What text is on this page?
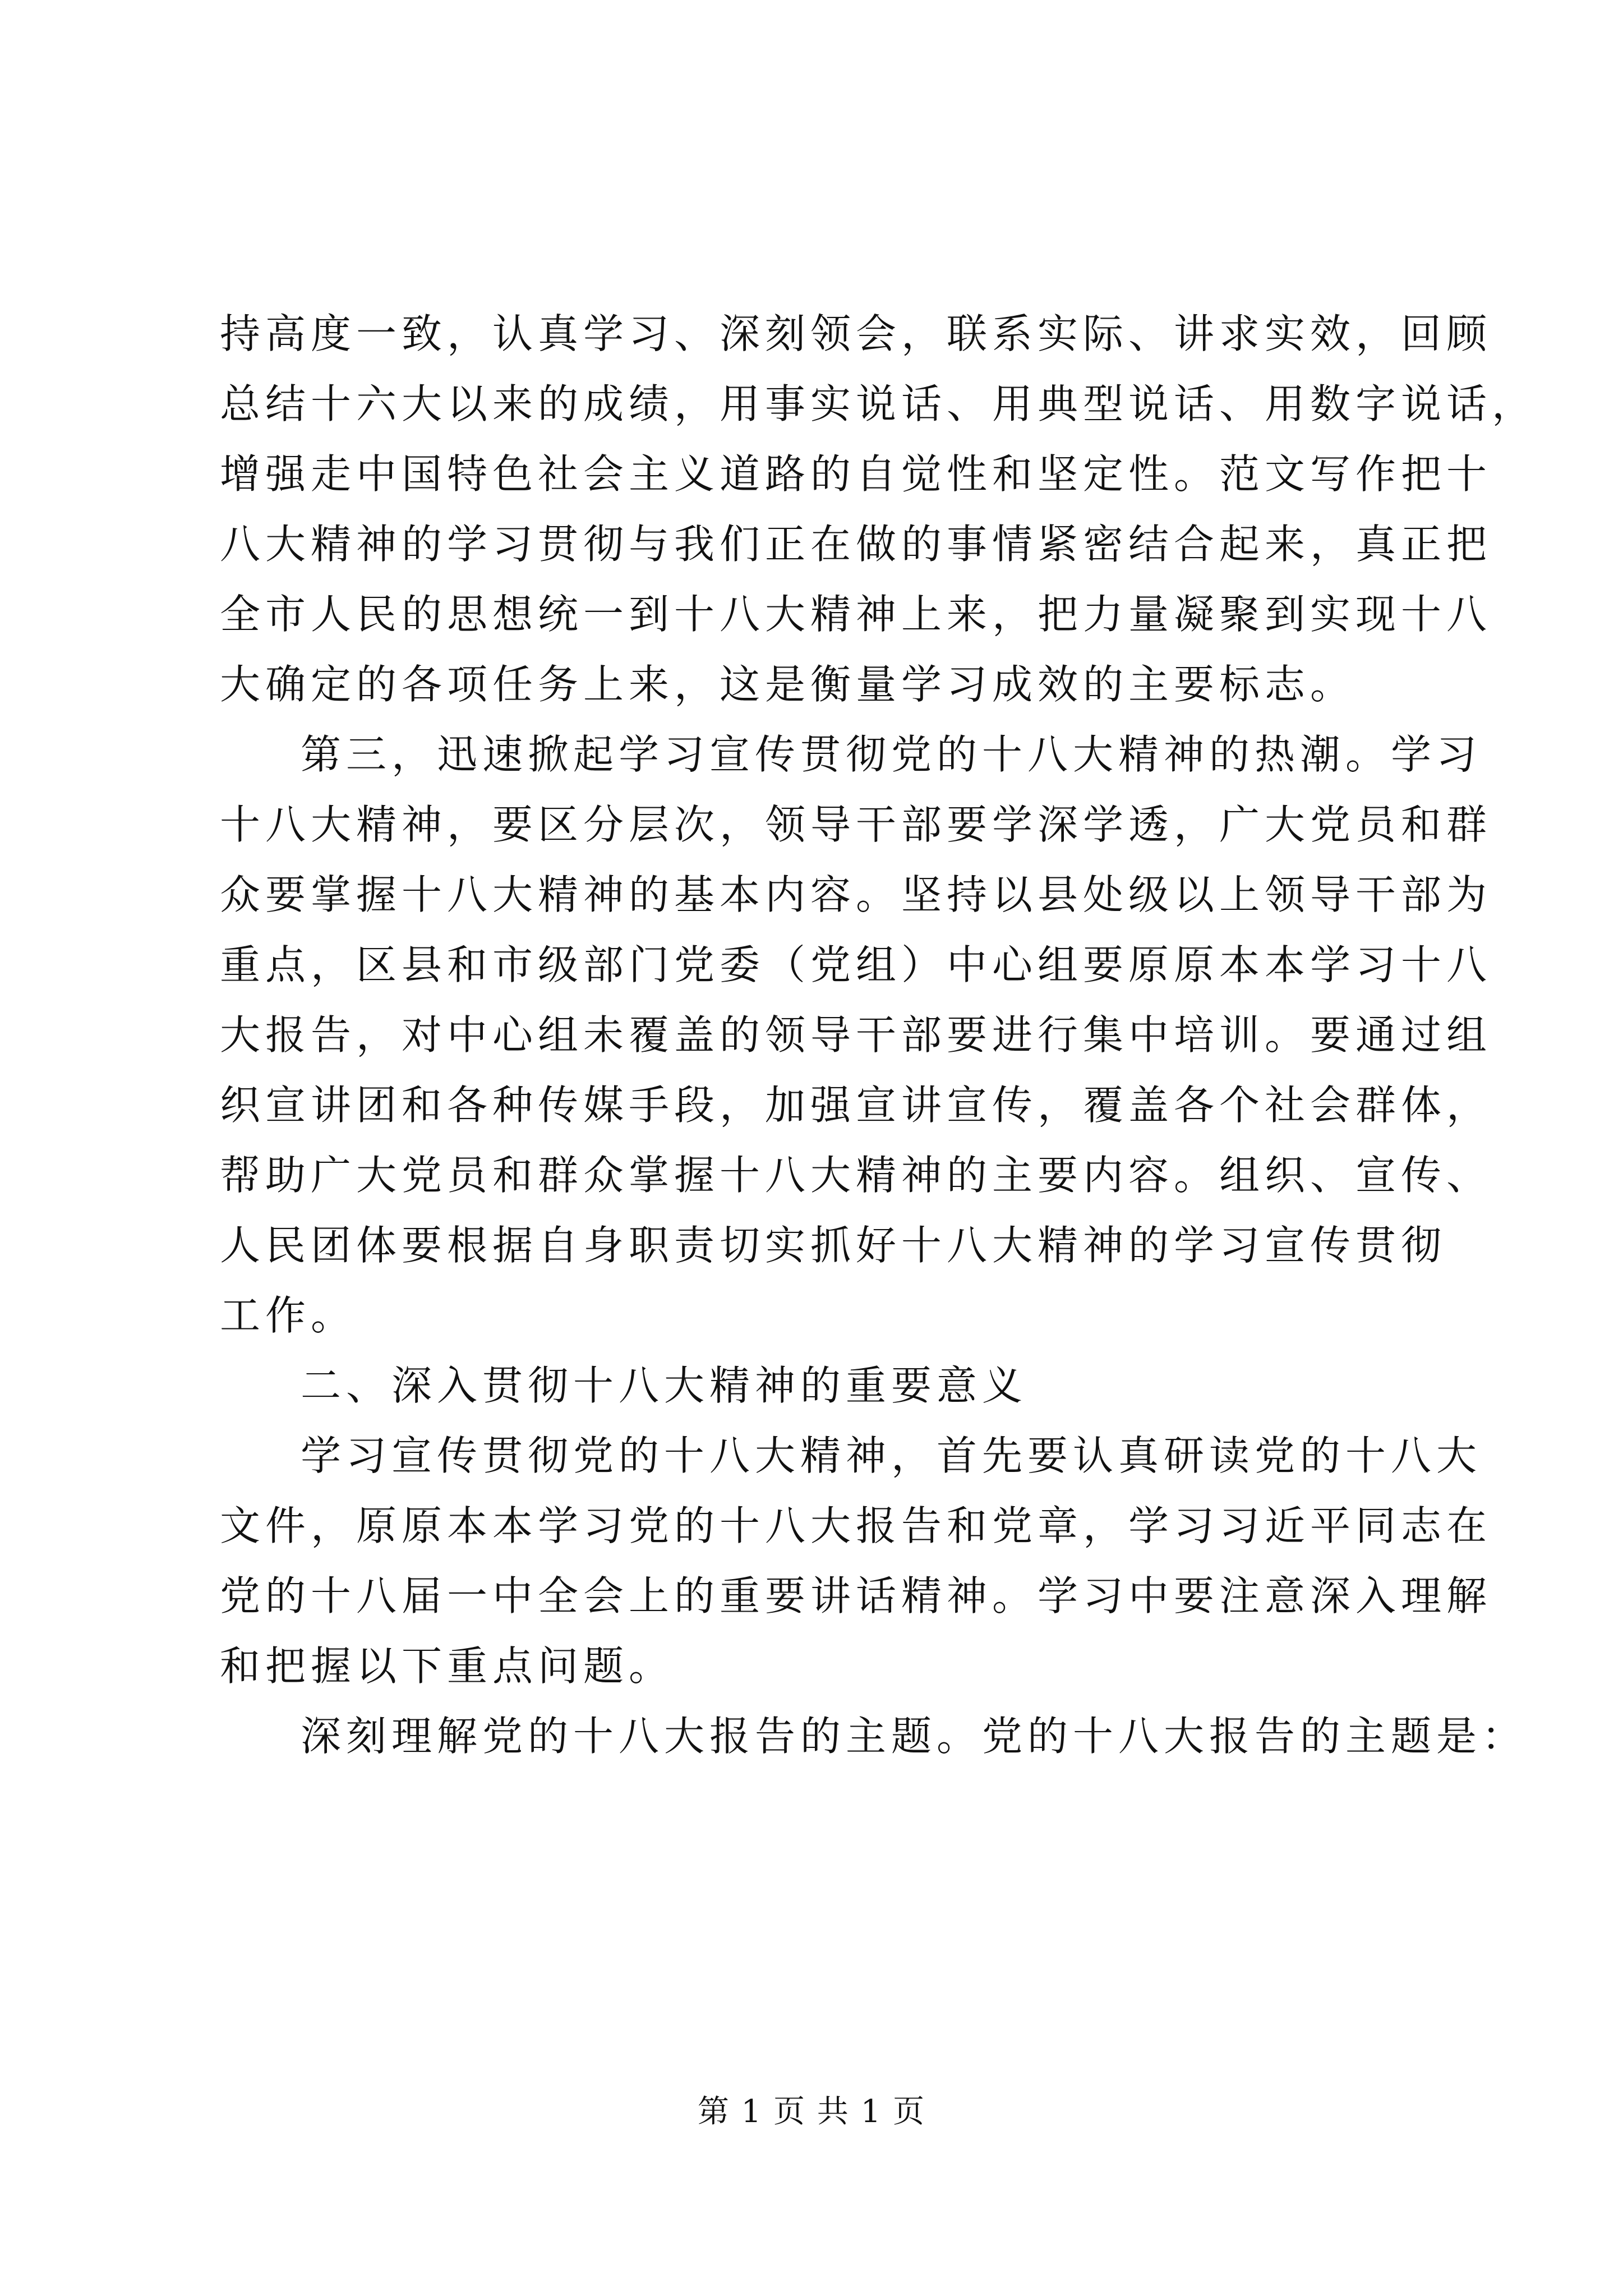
持高度一致，认真学习、深刻领会，联系实际、讲求实效，回顾
总结十六大以来的成绩，用事实说话、用典型说话、用数字说话，
增强走中国特色社会主义道路的自觉性和坚定性。范文写作把十
八大精神的学习贯彻与我们正在做的事情紧密结合起来，真正把
全市人民的思想统一到十八大精神上来，把力量凝聚到实现十八
大确定的各项任务上来，这是衡量学习成效的主要标志。
第三，迅速掀起学习宣传贯彻党的十八大精神的热潮。学习
十八大精神，要区分层次，领导干部要学深学透，广大党员和群
众要掌握十八大精神的基本内容。坚持以县处级以上领导干部为
重点，区县和市级部门党委（党组）中心组要原原本本学习十八
大报告，对中心组未覆盖的领导干部要进行集中培训。要通过组
织宣讲团和各种传媒手段，加强宣讲宣传，覆盖各个社会群体，
帮助广大党员和群众掌握十八大精神的主要内容。组织、宣传、
人民团体要根据自身职责切实抓好十八大精神的学习宣传贯彻
工作。
二、深入贯彻十八大精神的重要意义
学习宣传贯彻党的十八大精神，首先要认真研读党的十八大
文件，原原本本学习党的十八大报告和党章，学习习近平同志在
党的十八届一中全会上的重要讲话精神。学习中要注意深入理解
和把握以下重点问题。
深刻理解党的十八大报告的主题。党的十八大报告的主题是：
第 1 页 共 1 页
